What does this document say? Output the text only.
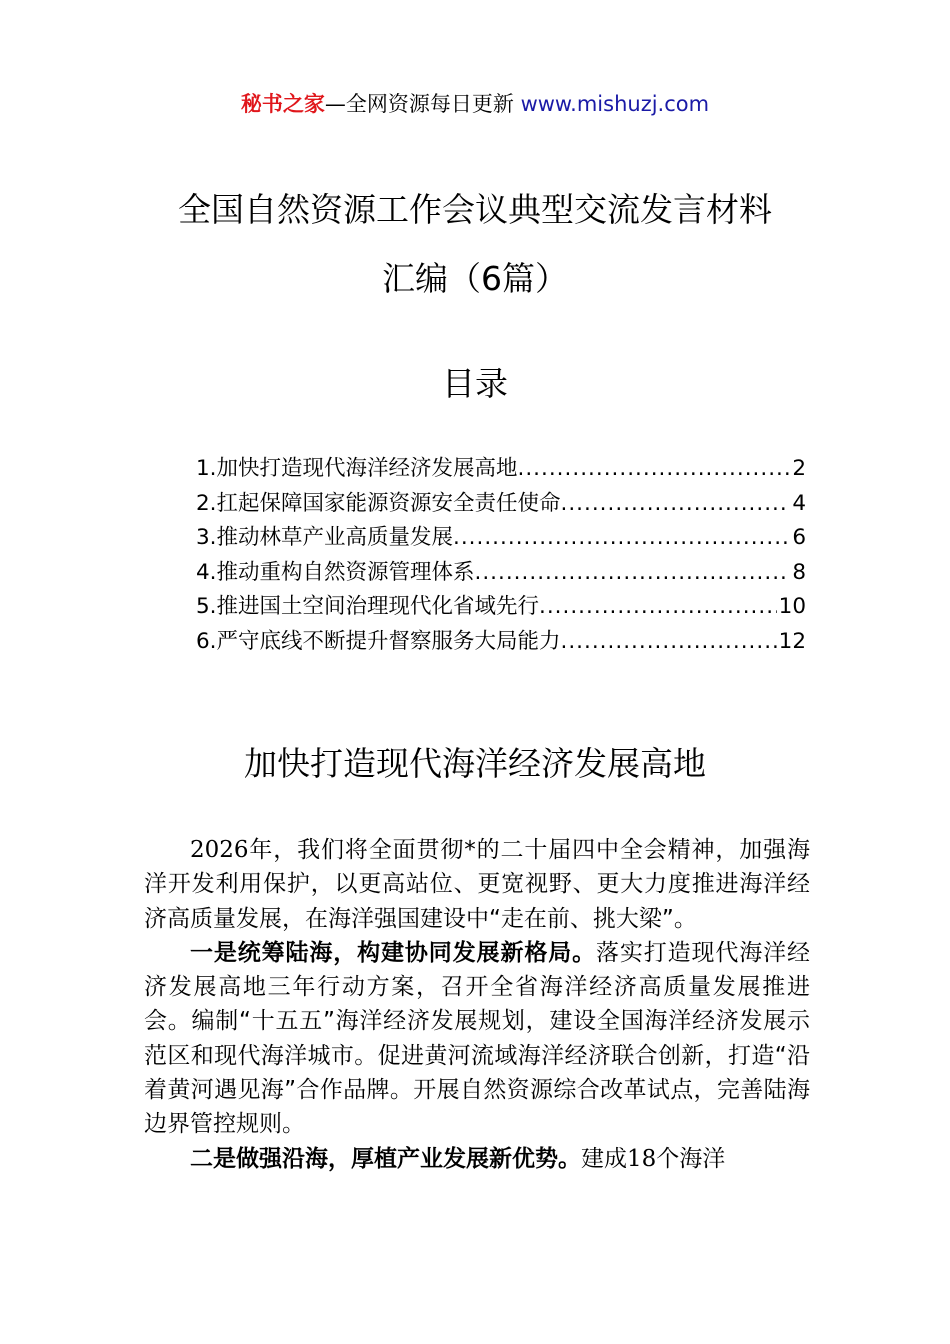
秘书之家—全网资源每日更新 www.mishuzj.com
全国自然资源工作会议典型交流发言材料
汇编（6篇）
目录
1.加快打造现代海洋经济发展高地 .....	2
2.扛起保障国家能源资源安全责任使命 .....	4
3.推动林草产业高质量发展 .....	6
4.推动重构自然资源管理体系 .....	8
5.推进国土空间治理现代化省域先行 .....	10
6.严守底线不断提升督察服务大局能力 .....	12
加快打造现代海洋经济发展高地

2026年，我们将全面贯彻*的二十届四中全会精神，加强海洋开发利用保护，以更高站位、更宽视野、更大力度推进海洋经济高质量发展，在海洋强国建设中“走在前、挑大梁”。

一是统筹陆海，构建协同发展新格局。落实打造现代海洋经济发展高地三年行动方案，召开全省海洋经济高质量发展推进会。编制“十五五”海洋经济发展规划，建设全国海洋经济发展示范区和现代海洋城市。促进黄河流域海洋经济联合创新，打造“沿着黄河遇见海”合作品牌。开展自然资源综合改革试点，完善陆海边界管控规则。

二是做强沿海，厚植产业发展新优势。建成18个海洋
